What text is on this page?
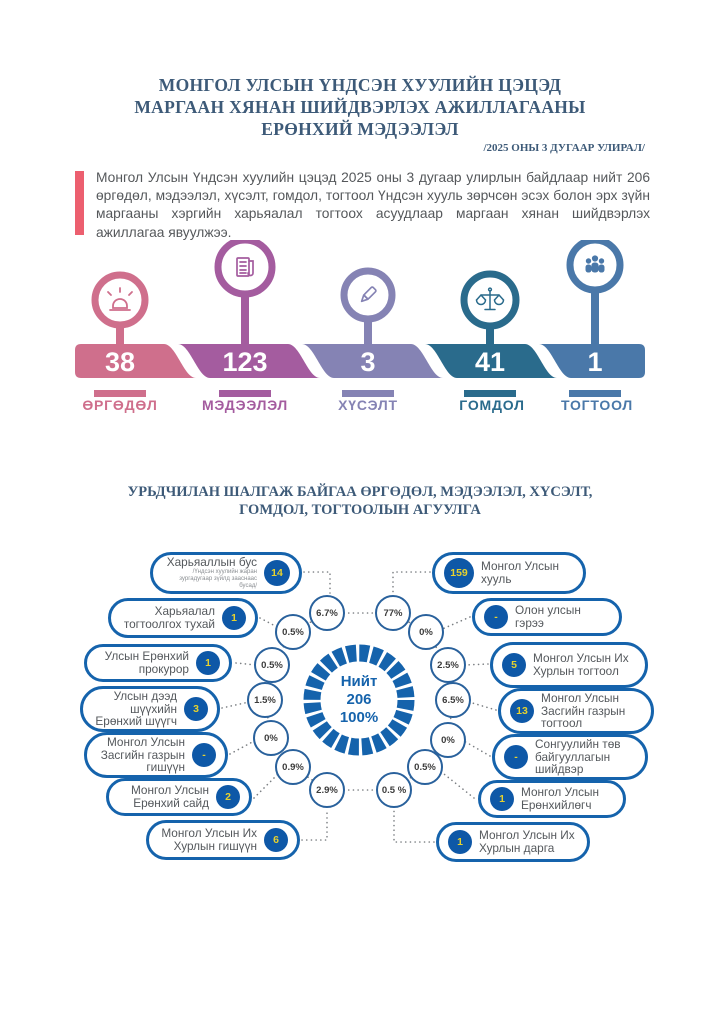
МОНГОЛ УЛСЫН ҮНДСЭН ХУУЛИЙН ЦЭЦЭД
МАРГААН ХЯНАН ШИЙДВЭРЛЭХ АЖИЛЛАГААНЫ
ЕРӨНХИЙ МЭДЭЭЛЭЛ
/2025 ОНЫ 3 ДУГААР УЛИРАЛ/
Монгол Улсын Үндсэн хуулийн цэцэд 2025 оны 3 дугаар улирлын байдлаар нийт 206 өргөдөл, мэдээлэл, хүсэлт, гомдол, тогтоол Үндсэн хууль зөрчсөн эсэх болон эрх зүйн маргааны хэргийн харьяалал тогтоох асуудлаар маргаан хянан шийдвэрлэх ажиллагаа явуулжээ.
38	123	3	41	1
ӨРГӨДӨЛ	МЭДЭЭЛЭЛ	ХҮСЭЛТ	ГОМДОЛ	ТОГТООЛ
УРЬДЧИЛАН ШАЛГАЖ БАЙГАА ӨРГӨДӨЛ, МЭДЭЭЛЭЛ, ХҮСЭЛТ, ГОМДОЛ, ТОГТООЛЫН АГУУЛГА
Нийт
206
100%
Харьяаллын бус
/Үндсэн хуулийн жаран зургадугаар зүйлд зааснаас бусад/
14
Харьяалал тогтоолгох тухай	1
Улсын Ерөнхий прокурор	1
Улсын дээд шүүхийн Ерөнхий шүүгч
3
Монгол Улсын Засгийн газрын гишүүн
-
Монгол Улсын Ерөнхий сайд	2
Монгол Улсын Их Хурлын гишүүн	6
159	Монгол Улсын хууль
-	Олон улсын гэрээ
5	Монгол Улсын Их Хурлын тогтоол
13
Монгол Улсын Засгийн газрын тогтоол
-
Сонгуулийн төв байгууллагын шийдвэр
1	Монгол Улсын Ерөнхийлөгч
1	Монгол Улсын Их Хурлын дарга
6.7%
0.5%
0.5%
1.5%
0%
0.9%
2.9%
77%
0%
2.5%
6.5%
0%
0.5%
0.5 %
